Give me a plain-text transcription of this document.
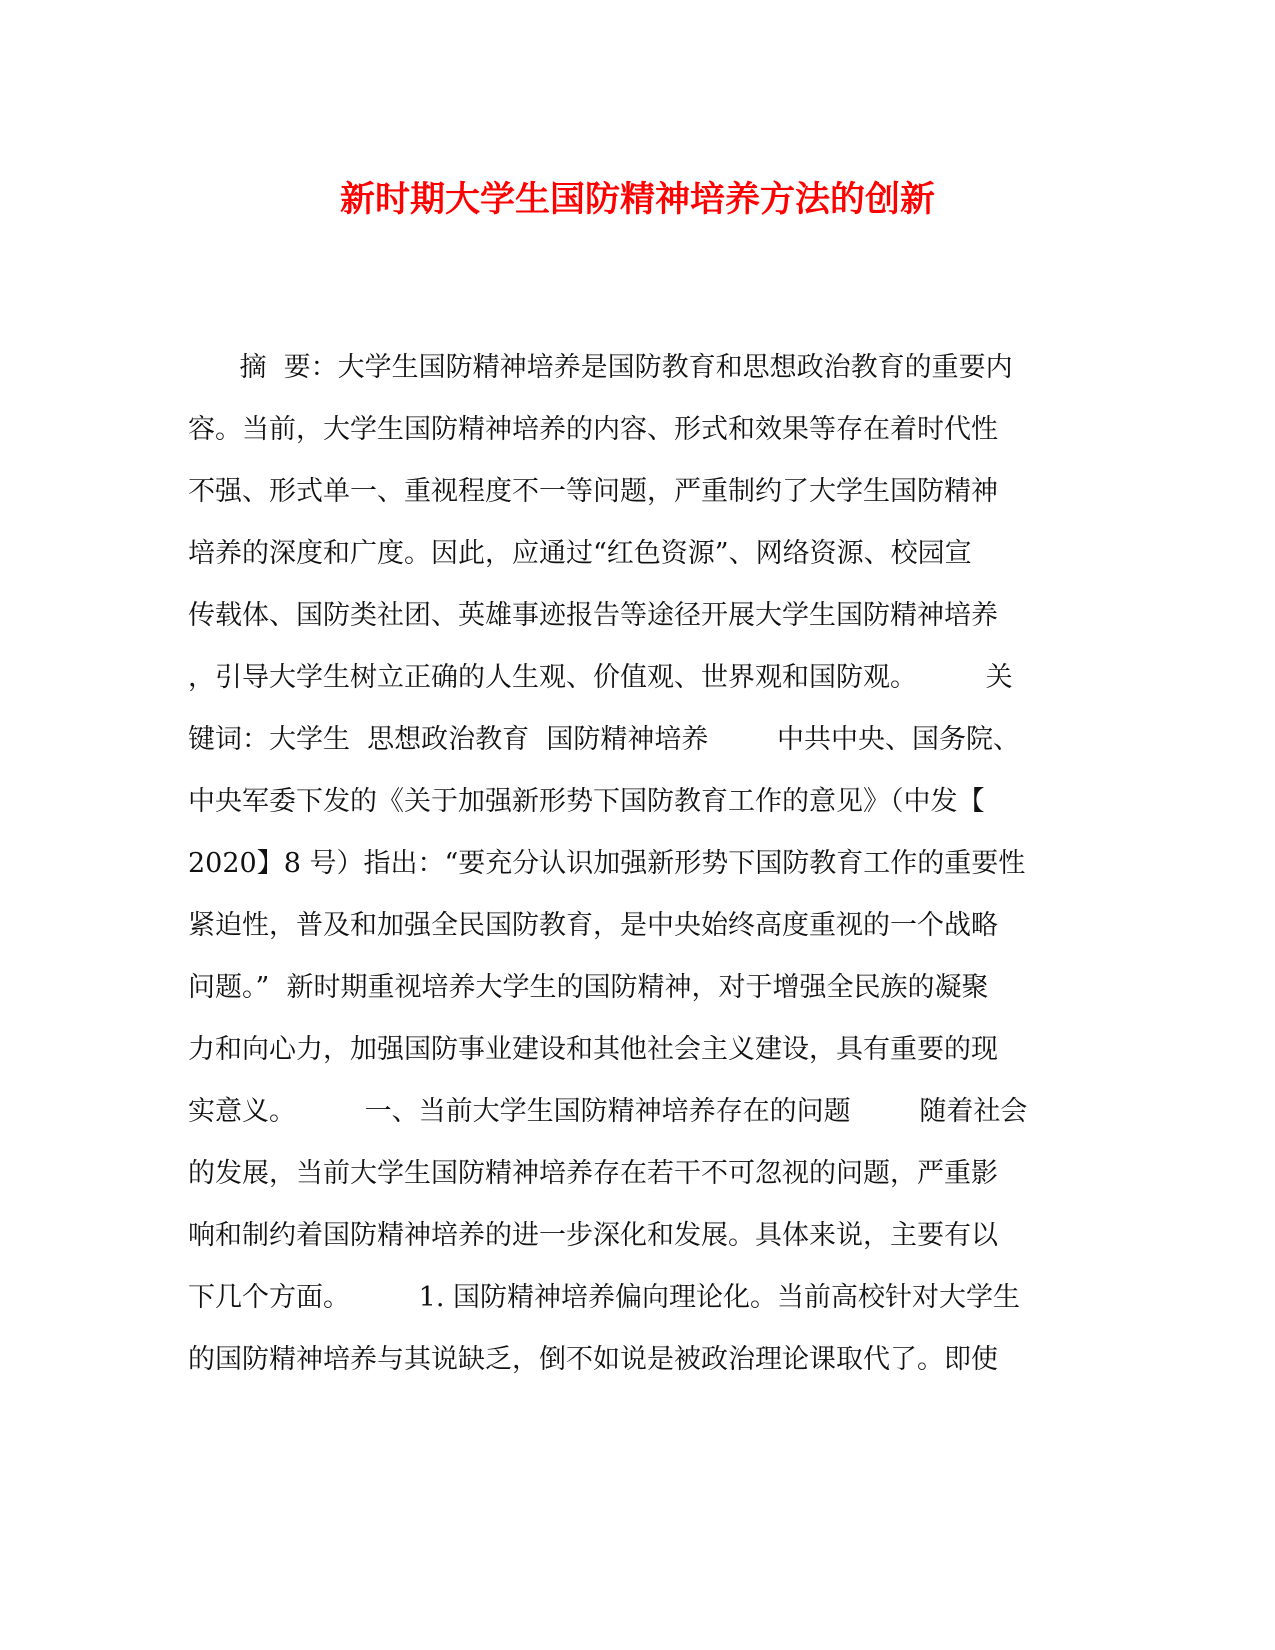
新时期大学生国防精神培养方法的创新
摘  要：大学生国防精神培养是国防教育和思想政治教育的重要内
容。当前，大学生国防精神培养的内容、形式和效果等存在着时代性
不强、形式单一、重视程度不一等问题，严重制约了大学生国防精神
培养的深度和广度。因此，应通过“红色资源”、网络资源、校园宣
传载体、国防类社团、英雄事迹报告等途径开展大学生国防精神培养
，引导大学生树立正确的人生观、价值观、世界观和国防观。        关
键词：大学生  思想政治教育  国防精神培养        中共中央、国务院、
中央军委下发的《关于加强新形势下国防教育工作的意见》（中发【
2020】8 号）指出：“要充分认识加强新形势下国防教育工作的重要性
紧迫性，普及和加强全民国防教育，是中央始终高度重视的一个战略
问题。”  新时期重视培养大学生的国防精神，对于增强全民族的凝聚
力和向心力，加强国防事业建设和其他社会主义建设，具有重要的现
实意义。        一、当前大学生国防精神培养存在的问题        随着社会
的发展，当前大学生国防精神培养存在若干不可忽视的问题，严重影
响和制约着国防精神培养的进一步深化和发展。具体来说，主要有以
下几个方面。        1. 国防精神培养偏向理论化。当前高校针对大学生
的国防精神培养与其说缺乏，倒不如说是被政治理论课取代了。即使
